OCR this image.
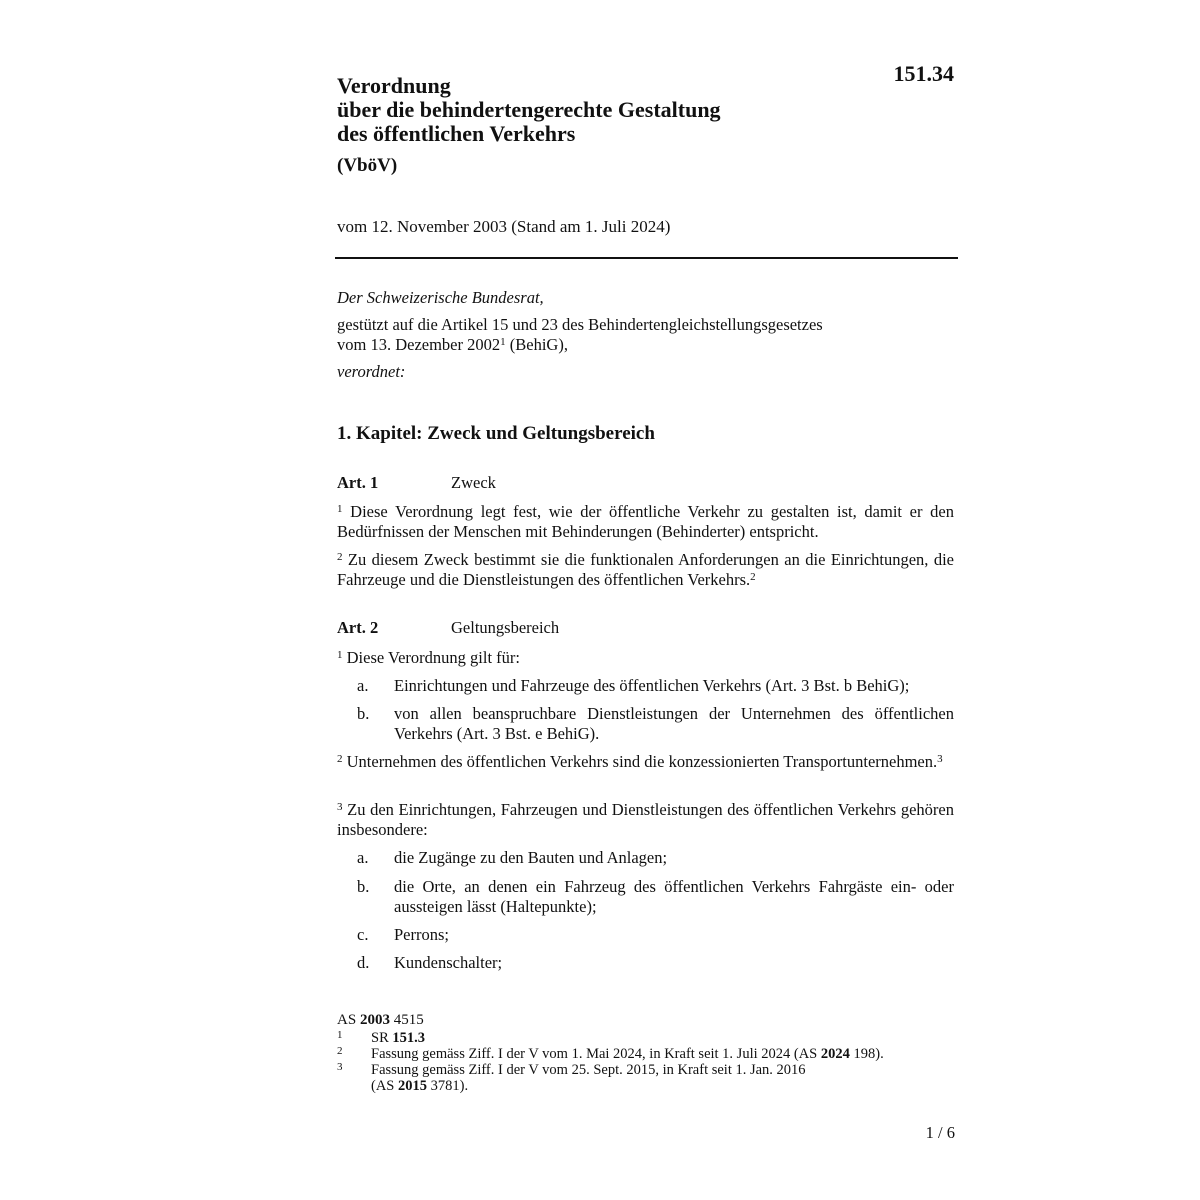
151.34
Verordnung
über die behindertengerechte Gestaltung
des öffentlichen Verkehrs
(VböV)
vom 12. November 2003 (Stand am 1. Juli 2024)
Der Schweizerische Bundesrat,
gestützt auf die Artikel 15 und 23 des Behindertengleichstellungsgesetzes
vom 13. Dezember 2002$^1$ (BehiG),
verordnet:
1. Kapitel: Zweck und Geltungsbereich
Art. 1	Zweck
$^1$ Diese Verordnung legt fest, wie der öffentliche Verkehr zu gestalten ist, damit er den Bedürfnissen der Menschen mit Behinderungen (Behinderter) entspricht.
$^2$ Zu diesem Zweck bestimmt sie die funktionalen Anforderungen an die Einrichtungen, die Fahrzeuge und die Dienstleistungen des öffentlichen Verkehrs.$^2$
Art. 2	Geltungsbereich
$^1$ Diese Verordnung gilt für:
a. Einrichtungen und Fahrzeuge des öffentlichen Verkehrs (Art. 3 Bst. b BehiG);
b. von allen beanspruchbare Dienstleistungen der Unternehmen des öffentlichen Verkehrs (Art. 3 Bst. e BehiG).
$^2$ Unternehmen des öffentlichen Verkehrs sind die konzessionierten Transportunternehmen.$^3$
$^3$ Zu den Einrichtungen, Fahrzeugen und Dienstleistungen des öffentlichen Verkehrs gehören insbesondere:
a. die Zugänge zu den Bauten und Anlagen;
b. die Orte, an denen ein Fahrzeug des öffentlichen Verkehrs Fahrgäste ein- oder aussteigen lässt (Haltepunkte);
c. Perrons;
d. Kundenschalter;
AS 2003 4515
1 SR 151.3
2 Fassung gemäss Ziff. I der V vom 1. Mai 2024, in Kraft seit 1. Juli 2024 (AS 2024 198).
3 Fassung gemäss Ziff. I der V vom 25. Sept. 2015, in Kraft seit 1. Jan. 2016
(AS 2015 3781).
1 / 6
